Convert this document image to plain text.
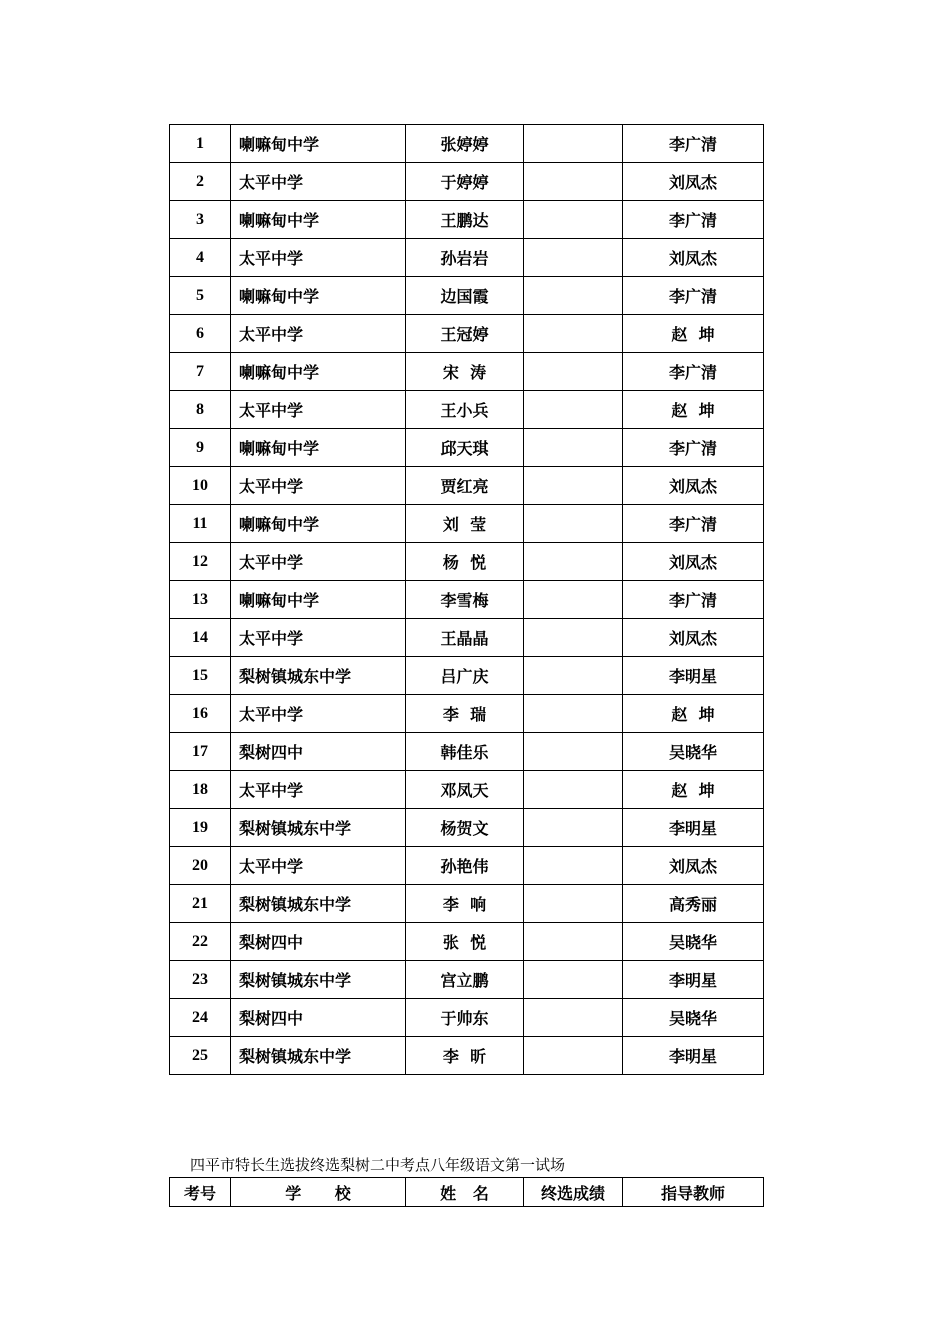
1	喇嘛甸中学	张婷婷		李广清
2	太平中学	于婷婷		刘凤杰
3	喇嘛甸中学	王鹏达		李广清
4	太平中学	孙岩岩		刘凤杰
5	喇嘛甸中学	边国霞		李广清
6	太平中学	王冠婷		赵  坤
7	喇嘛甸中学	宋  涛		李广清
8	太平中学	王小兵		赵  坤
9	喇嘛甸中学	邱天琪		李广清
10	太平中学	贾红亮		刘凤杰
11	喇嘛甸中学	刘  莹		李广清
12	太平中学	杨  悦		刘凤杰
13	喇嘛甸中学	李雪梅		李广清
14	太平中学	王晶晶		刘凤杰
15	梨树镇城东中学	吕广庆		李明星
16	太平中学	李  瑞		赵  坤
17	梨树四中	韩佳乐		吴晓华
18	太平中学	邓凤天		赵  坤
19	梨树镇城东中学	杨贺文		李明星
20	太平中学	孙艳伟		刘凤杰
21	梨树镇城东中学	李  响		高秀丽
22	梨树四中	张  悦		吴晓华
23	梨树镇城东中学	宫立鹏		李明星
24	梨树四中	于帅东		吴晓华
25	梨树镇城东中学	李  昕		李明星
四平市特长生选拔终选梨树二中考点八年级语文第一试场
考号	学      校	姓   名	终选成绩	指导教师
